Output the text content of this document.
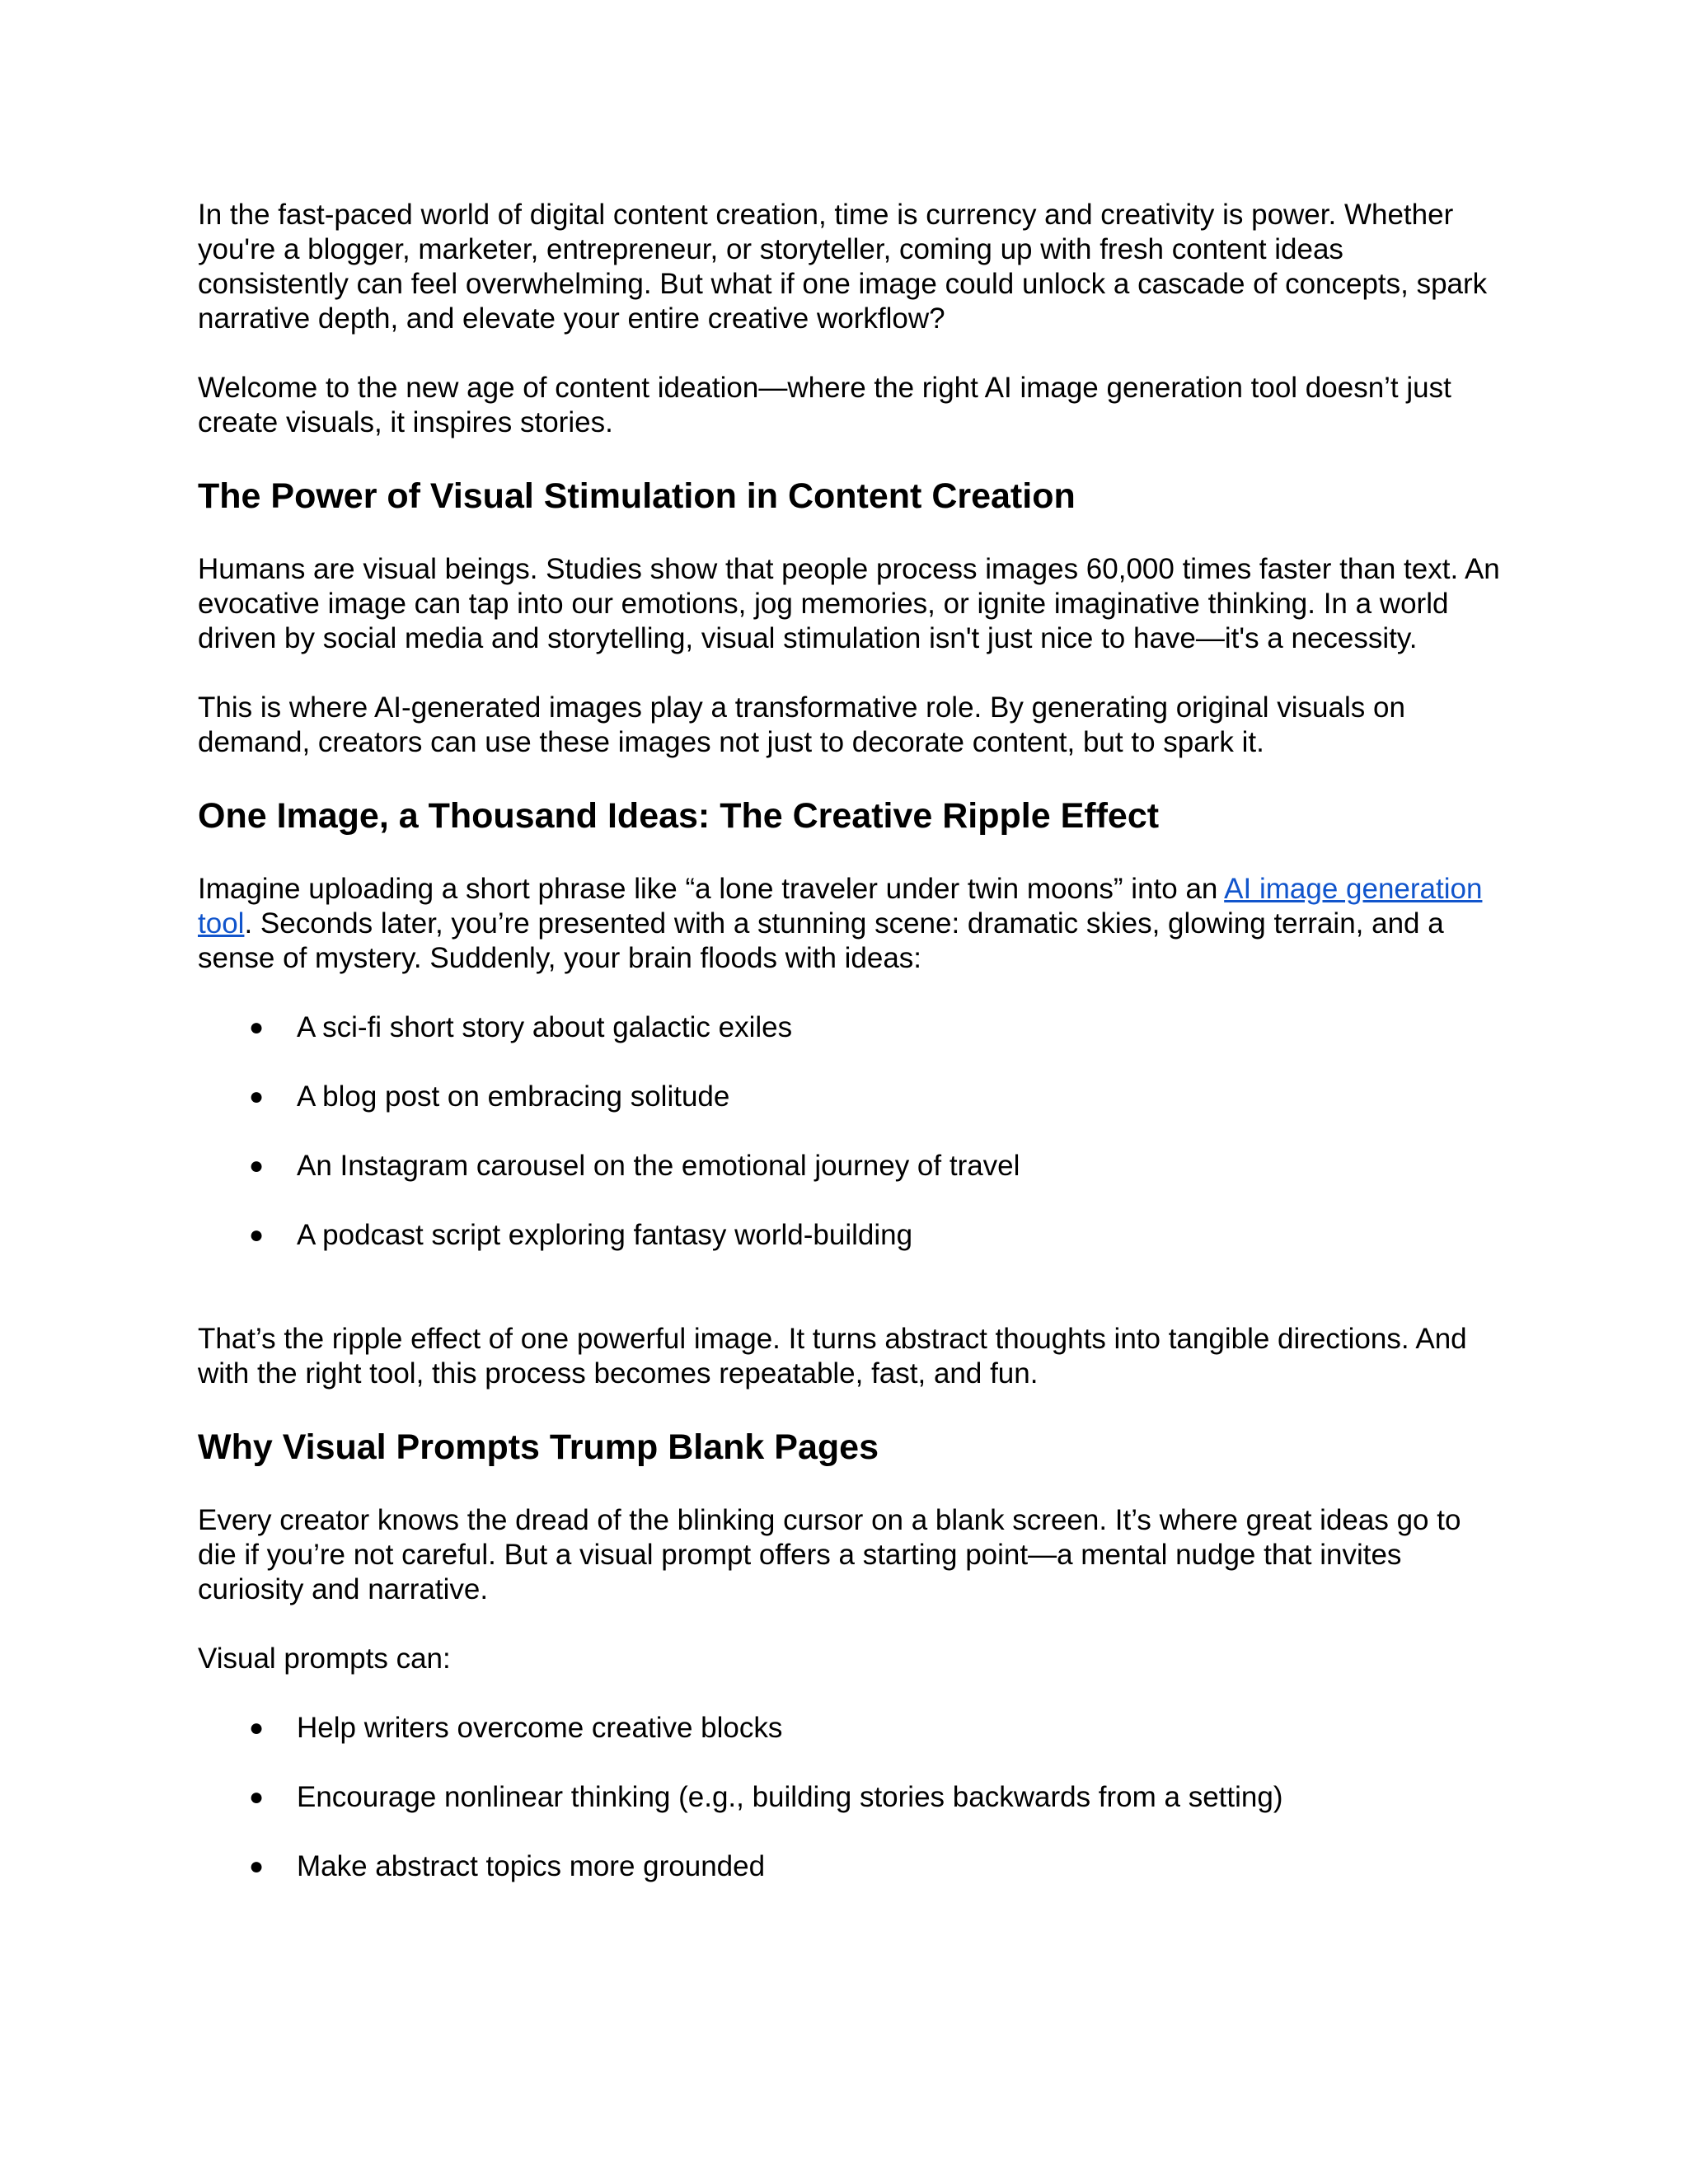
In the fast-paced world of digital content creation, time is currency and creativity is power. Whether you're a blogger, marketer, entrepreneur, or storyteller, coming up with fresh content ideas consistently can feel overwhelming. But what if one image could unlock a cascade of concepts, spark narrative depth, and elevate your entire creative workflow?

Welcome to the new age of content ideation—where the right AI image generation tool doesn’t just create visuals, it inspires stories.

The Power of Visual Stimulation in Content Creation

Humans are visual beings. Studies show that people process images 60,000 times faster than text. An evocative image can tap into our emotions, jog memories, or ignite imaginative thinking. In a world driven by social media and storytelling, visual stimulation isn't just nice to have—it's a necessity.

This is where AI-generated images play a transformative role. By generating original visuals on demand, creators can use these images not just to decorate content, but to spark it.

One Image, a Thousand Ideas: The Creative Ripple Effect

Imagine uploading a short phrase like “a lone traveler under twin moons” into an AI image generation tool. Seconds later, you’re presented with a stunning scene: dramatic skies, glowing terrain, and a sense of mystery. Suddenly, your brain floods with ideas:

● A sci-fi short story about galactic exiles
● A blog post on embracing solitude
● An Instagram carousel on the emotional journey of travel
● A podcast script exploring fantasy world-building

That’s the ripple effect of one powerful image. It turns abstract thoughts into tangible directions. And with the right tool, this process becomes repeatable, fast, and fun.

Why Visual Prompts Trump Blank Pages

Every creator knows the dread of the blinking cursor on a blank screen. It’s where great ideas go to die if you’re not careful. But a visual prompt offers a starting point—a mental nudge that invites curiosity and narrative.

Visual prompts can:

● Help writers overcome creative blocks
● Encourage nonlinear thinking (e.g., building stories backwards from a setting)
● Make abstract topics more grounded
